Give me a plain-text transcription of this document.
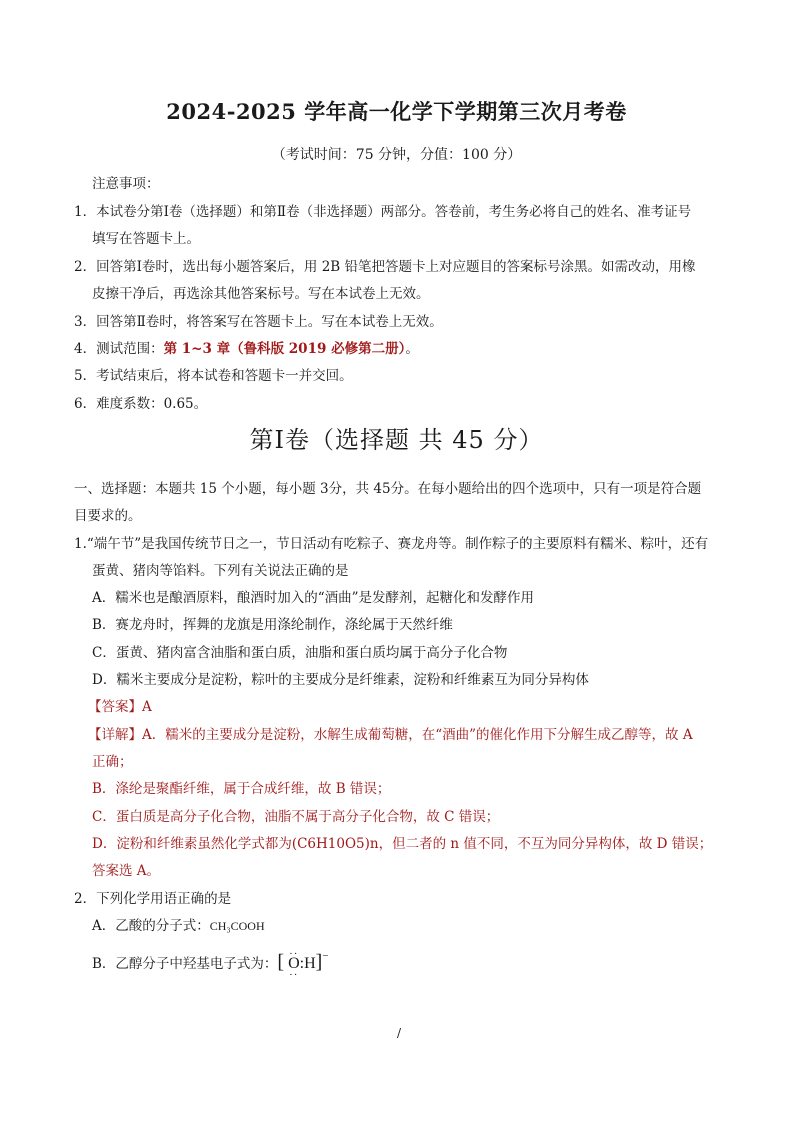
2024-2025 学年高一化学下学期第三次月考卷
（考试时间：75 分钟，分值：100 分）
注意事项：
1．本试卷分第Ⅰ卷（选择题）和第Ⅱ卷（非选择题）两部分。答卷前，考生务必将自己的姓名、准考证号
填写在答题卡上。
2．回答第Ⅰ卷时，选出每小题答案后，用 2B 铅笔把答题卡上对应题目的答案标号涂黑。如需改动，用橡
皮擦干净后，再选涂其他答案标号。写在本试卷上无效。
3．回答第Ⅱ卷时，将答案写在答题卡上。写在本试卷上无效。
4．测试范围：第 1~3 章（鲁科版 2019 必修第二册）。
5．考试结束后，将本试卷和答题卡一并交回。
6．难度系数：0.65。
第Ⅰ卷（选择题 共 45 分）
一、选择题：本题共 15 个小题，每小题 3分，共 45分。在每小题给出的四个选项中，只有一项是符合题
目要求的。
1.“端午节”是我国传统节日之一，节日活动有吃粽子、赛龙舟等。制作粽子的主要原料有糯米、粽叶，还有
蛋黄、猪肉等馅料。下列有关说法正确的是
A．糯米也是酿酒原料，酿酒时加入的“酒曲”是发酵剂，起糖化和发酵作用
B．赛龙舟时，挥舞的龙旗是用涤纶制作，涤纶属于天然纤维
C．蛋黄、猪肉富含油脂和蛋白质，油脂和蛋白质均属于高分子化合物
D．糯米主要成分是淀粉，粽叶的主要成分是纤维素，淀粉和纤维素互为同分异构体
【答案】A
【详解】A．糯米的主要成分是淀粉，水解生成葡萄糖，在“酒曲”的催化作用下分解生成乙醇等，故 A
正确；
B．涤纶是聚酯纤维，属于合成纤维，故 B 错误；
C．蛋白质是高分子化合物，油脂不属于高分子化合物，故 C 错误；
D．淀粉和纤维素虽然化学式都为(C6H10O5)n，但二者的 n 值不同，不互为同分异构体，故 D 错误；
答案选 A。
2．下列化学用语正确的是
A．乙酸的分子式：CH₃COOH
B．乙醇分子中羟基电子式为：[ ·· O ··:H]−
/
